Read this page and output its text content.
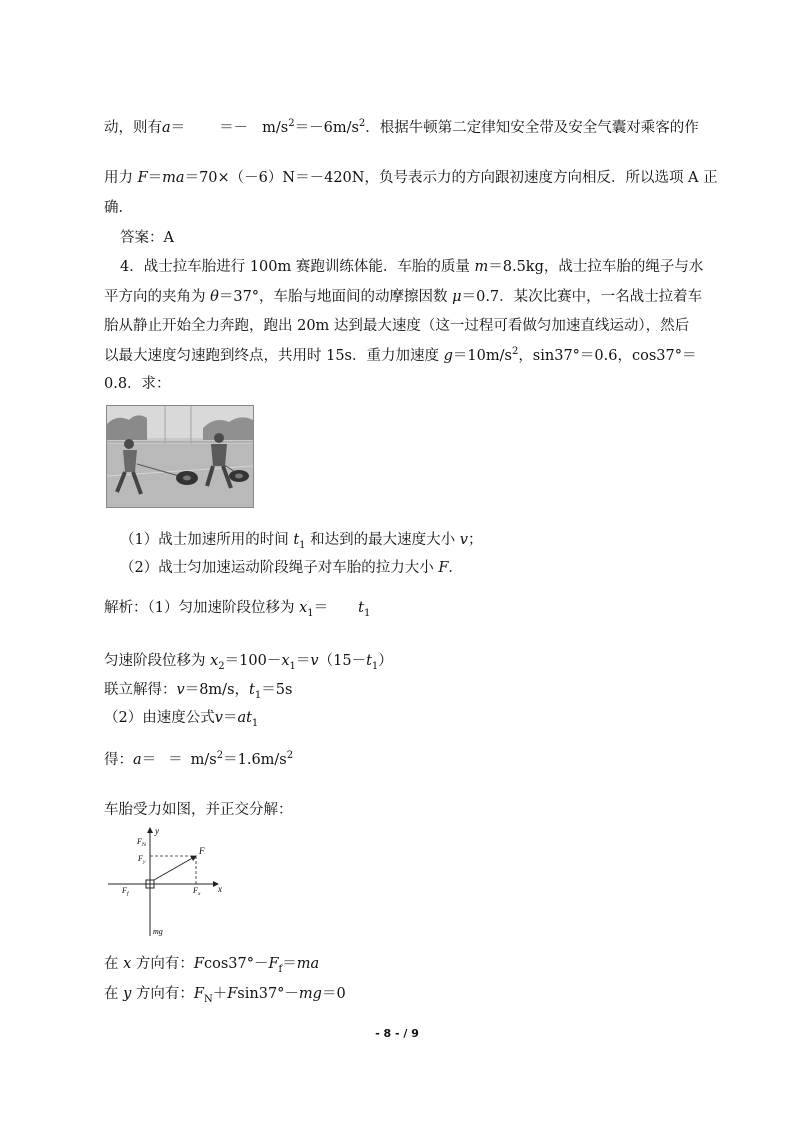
动，则有$a= =- m/s^2=-6m/s^2$．根据牛顿第二定律知安全带及安全气囊对乘客的作
用力 F＝ma＝70×（－6）N＝－420N，负号表示力的方向跟初速度方向相反．所以选项 A 正
确．
答案：A
4．战士拉车胎进行 100m 赛跑训练体能．车胎的质量 m＝8.5kg，战士拉车胎的绳子与水
平方向的夹角为 θ＝37°，车胎与地面间的动摩擦因数 μ＝0.7．某次比赛中，一名战士拉着车
胎从静止开始全力奔跑，跑出 20m 达到最大速度（这一过程可看做匀加速直线运动），然后
以最大速度匀速跑到终点，共用时 15s．重力加速度 $g=10m/s^2$，sin37°＝0.6，cos37°＝
0.8．求：
（1）战士加速所用的时间 $t_1$ 和达到的最大速度大小 v；
（2）战士匀加速运动阶段绳子对车胎的拉力大小 F．
解析：（1）匀加速阶段位移为 $x_1= t_1$
匀速阶段位移为 $x_2=100-x_1=v(15-t_1)$
联立解得：v＝8m/s，$t_1=5s$
（2）由速度公式$v=at_1$
得：$a= = m/s^2=1.6m/s^2$
车胎受力如图，并正交分解：
y
x
F N
F y
F
F f	F x
mg
在 x 方向有：$Fcos37^\circ-F_f=ma$
在 y 方向有：$F_N+Fsin37^\circ-mg=0$
- 8 - / 9
